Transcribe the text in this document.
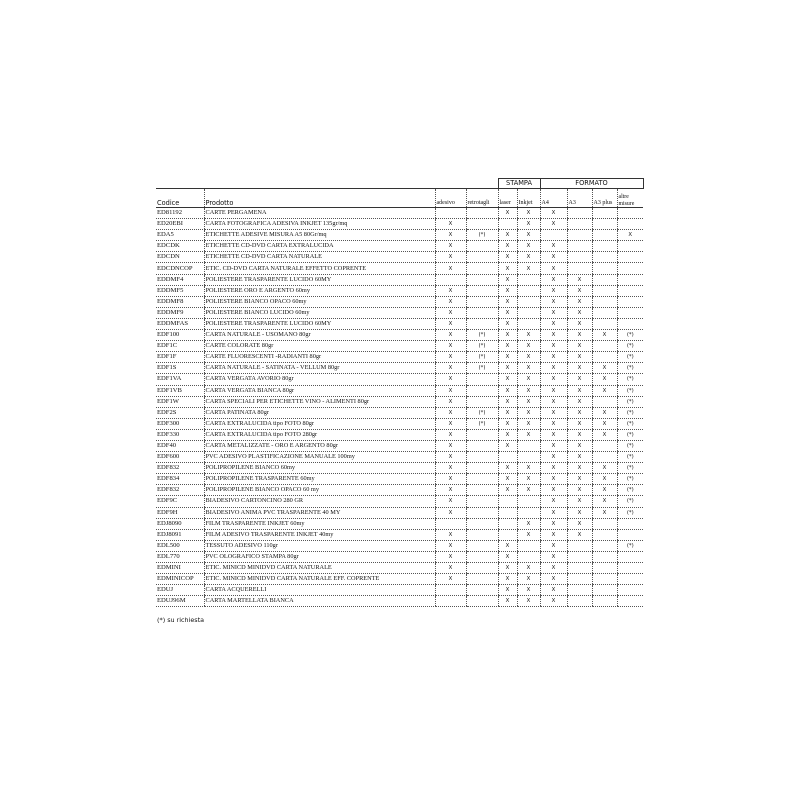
				STAMPA		FORMATO			
Codice	Prodotto	adesivo	retrotagli	laser	Inkjet	A4	A3	A3 plus	altre misure
ED81192	CARTE PERGAMENA			X	X	X			
ED20EBI	CARTA FOTOGRAFICA ADESIVA INKJET 135gr/mq	X			X	X			
EDA5	ETICHETTE ADESIVE MISURA A5 80Gr/mq	X	(*)	X	X				X
EDCDK	ETICHETTE CD-DVD CARTA EXTRALUCIDA	X		X	X	X			
EDCDN	ETICHETTE CD-DVD CARTA NATURALE	X		X	X	X			
EDCDNCOP	ETIC. CD-DVD CARTA NATURALE EFFETTO COPRENTE	X		X	X	X			
EDDMF4	POLIESTERE TRASPARENTE LUCIDO 60MY			X		X	X		
EDDMF5	POLIESTERE ORO E ARGENTO 60my	X		X		X	X		
EDDMF8	POLIESTERE BIANCO OPACO 60my	X		X		X	X		
EDDMF9	POLIESTERE BIANCO LUCIDO 60my	X		X		X	X		
EDDMFAS	POLIESTERE TRASPARENTE LUCIDO 60MY	X		X		X	X		
EDF100	CARTA NATURALE - USOMANO 80gr	X	(*)	X	X	X	X	X	(*)
EDF1C	CARTE COLORATE 80gr	X	(*)	X	X	X	X		(*)
EDF1F	CARTE FLUORESCENTI -RADIANTI 80gr	X	(*)	X	X	X	X		(*)
EDF1S	CARTA NATURALE - SATINATA - VELLUM 80gr	X	(*)	X	X	X	X	X	(*)
EDF1VA	CARTA VERGATA AVORIO 80gr	X		X	X	X	X	X	(*)
EDF1VB	CARTA VERGATA BIANCA 80gr	X		X	X	X	X	X	(*)
EDF1W	CARTA SPECIALI PER ETICHETTE VINO - ALIMENTI 80gr	X		X	X	X	X		(*)
EDF2S	CARTA PATINATA 80gr	X	(*)	X	X	X	X	X	(*)
EDF300	CARTA EXTRALUCIDA tipo FOTO 80gr	X	(*)	X	X	X	X	X	(*)
EDF330	CARTA EXTRALUCIDA tipo FOTO 280gr	X		X	X	X	X	X	(*)
EDF40	CARTA METALIZZATE - ORO E ARGENTO 80gr	X		X		X	X		(*)
EDF600	PVC ADESIVO PLASTIFICAZIONE MANUALE 100my	X				X	X		(*)
EDF832	POLIPROPILENE BIANCO 60my	X		X	X	X	X	X	(*)
EDF834	POLIPROPILENE TRASPARENTE 60my	X		X	X	X	X	X	(*)
EDF832	POLIPROPILENE BIANCO OPACO 60 my	X		X	X	X	X	X	(*)
EDF9C	BIADESIVO CARTONCINO 280 GR	X				X	X	X	(*)
EDF9H	BIADESIVO ANIMA PVC TRASPARENTE 40 MY	X				X	X	X	(*)
EDJ8090	FILM TRASPARENTE INKJET 60my				X	X	X		
EDJ8091	FILM ADESIVO TRASPARENTE INKJET 40my	X			X	X	X		
EDL500	TESSUTO ADESIVO 110gr	X		X		X			(*)
EDL770	PVC OLOGRAFICO STAMPA 80gr	X		X		X			
EDMINI	ETIC. MINICD MINIDVD CARTA NATURALE	X		X	X	X			
EDMINICOP	ETIC. MINICD MINIDVD CARTA NATURALE EFF. COPRENTE	X		X	X	X			
EDUJ	CARTA ACQUERELLI			X	X	X			
EDUJ96M	CARTA MARTELLATA BIANCA			X	X	X			
(*) su richiesta
